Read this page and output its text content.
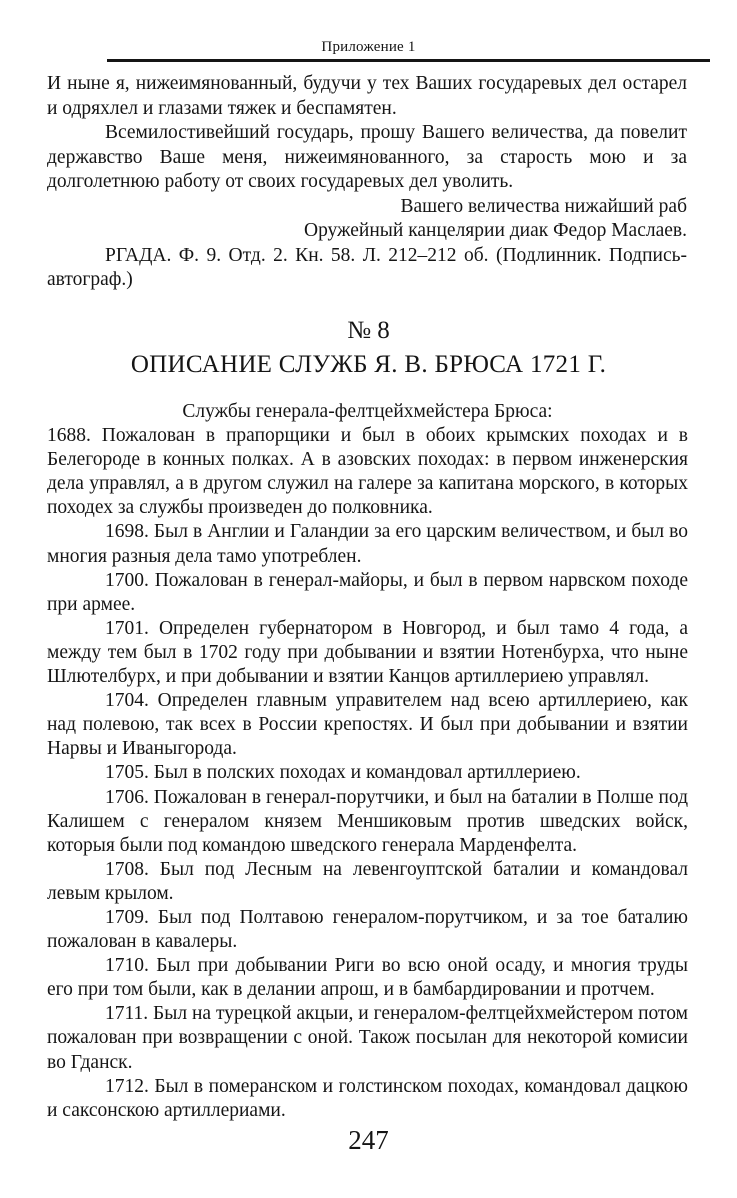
Приложение 1

И ныне я, нижеимянованный, будучи у тех Ваших государевых дел остарел и одряхлел и глазами тяжек и беспамятен.

Всемилостивейший государь, прошу Вашего величества, да повелит державство Ваше меня, нижеимянованного, за старость мою и за долголетнюю работу от своих государевых дел уволить.

Вашего величества нижайший раб

Оружейный канцелярии диак Федор Маслаев.

РГАДА. Ф. 9. Отд. 2. Кн. 58. Л. 212–212 об. (Подлинник. Подпись-автограф.)

№ 8
ОПИСАНИЕ СЛУЖБ Я. В. БРЮСА 1721 Г.

Службы генерала-фелтцейхмейстера Брюса:

1688. Пожалован в прапорщики и был в обоих крымских походах и в Белегороде в конных полках. А в азовских походах: в первом инженерския дела управлял, а в другом служил на галере за капитана морского, в которых походех за службы произведен до полковника.

1698. Был в Англии и Галандии за его царским величеством, и был во многия разныя дела тамо употреблен.

1700. Пожалован в генерал-майоры, и был в первом нарвском походе при армее.

1701. Определен губернатором в Новгород, и был тамо 4 года, а между тем был в 1702 году при добывании и взятии Нотенбурха, что ныне Шлютелбурх, и при добывании и взятии Канцов артиллериею управлял.

1704. Определен главным управителем над всею артиллериею, как над полевою, так всех в России крепостях. И был при добывании и взятии Нарвы и Иваныгорода.

1705. Был в полских походах и командовал артиллериею.

1706. Пожалован в генерал-порутчики, и был на баталии в Полше под Калишем с генералом князем Меншиковым против шведских войск, которыя были под командою шведского генерала Марденфелта.

1708. Был под Лесным на левенгоуптской баталии и командовал левым крылом.

1709. Был под Полтавою генералом-порутчиком, и за тое баталию пожалован в кавалеры.

1710. Был при добывании Риги во всю оной осаду, и многия труды его при том были, как в делании апрош, и в бамбардировании и протчем.

1711. Был на турецкой акцыи, и генералом-фелтцейхмейстером потом пожалован при возвращении с оной. Також посылан для некоторой комисии во Гданск.

1712. Был в померанском и голстинском походах, командовал дацкою и саксонскою артиллериами.

247
